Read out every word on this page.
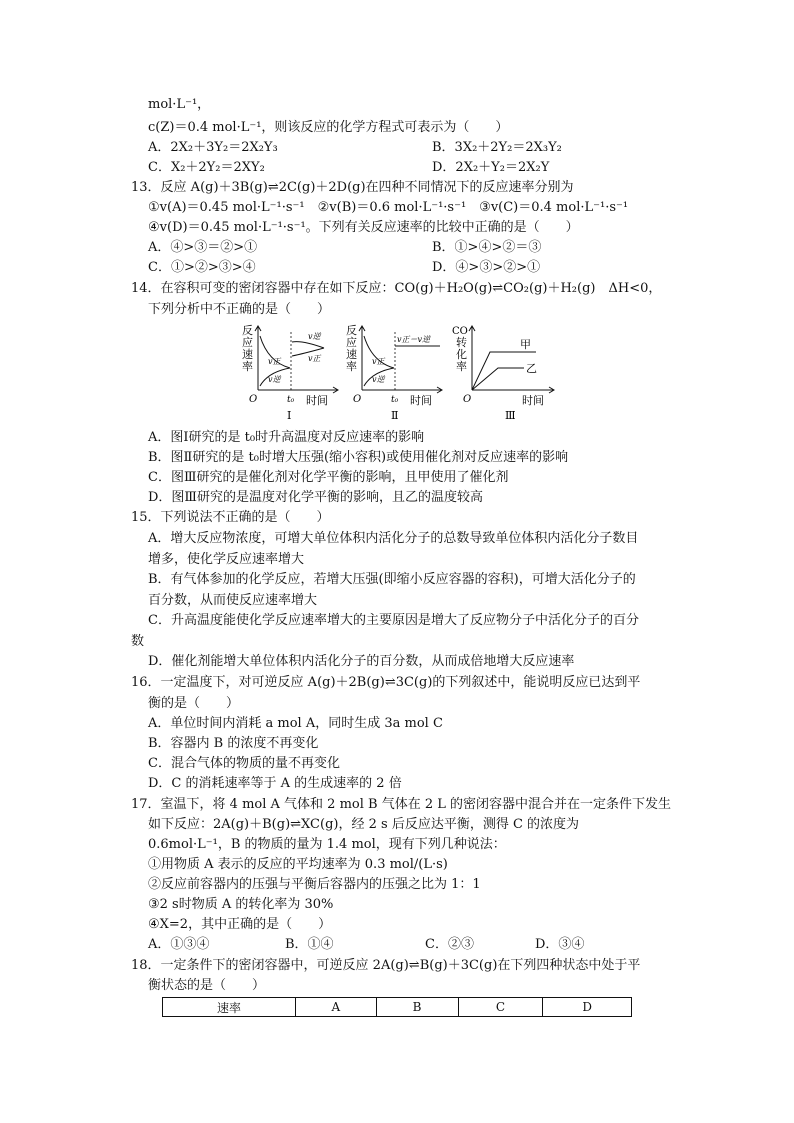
mol·L⁻¹，
c(Z)＝0.4 mol·L⁻¹，则该反应的化学方程式可表示为（　　）
A．2X₂＋3Y₂＝2X₂Y₃	B．3X₂＋2Y₂＝2X₃Y₂
C．X₂＋2Y₂＝2XY₂	D．2X₂＋Y₂＝2X₂Y
13．反应 A(g)＋3B(g)⇌2C(g)＋2D(g)在四种不同情况下的反应速率分别为
①v(A)＝0.45 mol·L⁻¹·s⁻¹　②v(B)＝0.6 mol·L⁻¹·s⁻¹　③v(C)＝0.4 mol·L⁻¹·s⁻¹
④v(D)＝0.45 mol·L⁻¹·s⁻¹。下列有关反应速率的比较中正确的是（　　）
A．④>③＝②>①	B．①>④>②＝③
C．①>②>③>④	D．④>③>②>①
14．在容积可变的密闭容器中存在如下反应：CO(g)＋H₂O(g)⇌CO₂(g)＋H₂(g)　ΔH<0，
下列分析中不正确的是（　　）
反
应
速
率
v逆
v正
v正
v逆
O	t₀ 时间
Ⅰ
反
应
速
率
v正＝v逆
v正
v逆
O	t₀ 时间
Ⅱ
CO
转
化
率
甲
乙
O	时间
Ⅲ
A．图Ⅰ研究的是 t₀时升高温度对反应速率的影响
B．图Ⅱ研究的是 t₀时增大压强(缩小容积)或使用催化剂对反应速率的影响
C．图Ⅲ研究的是催化剂对化学平衡的影响，且甲使用了催化剂
D．图Ⅲ研究的是温度对化学平衡的影响，且乙的温度较高
15．下列说法不正确的是（　　）
A．增大反应物浓度，可增大单位体积内活化分子的总数导致单位体积内活化分子数目
增多，使化学反应速率增大
B．有气体参加的化学反应，若增大压强(即缩小反应容器的容积)，可增大活化分子的
百分数，从而使反应速率增大
C．升高温度能使化学反应速率增大的主要原因是增大了反应物分子中活化分子的百分
数
D．催化剂能增大单位体积内活化分子的百分数，从而成倍地增大反应速率
16．一定温度下，对可逆反应 A(g)＋2B(g)⇌3C(g)的下列叙述中，能说明反应已达到平
衡的是（　　）
A．单位时间内消耗 a mol A，同时生成 3a mol C
B．容器内 B 的浓度不再变化
C．混合气体的物质的量不再变化
D．C 的消耗速率等于 A 的生成速率的 2 倍
17．室温下，将 4 mol A 气体和 2 mol B 气体在 2 L 的密闭容器中混合并在一定条件下发生
如下反应：2A(g)＋B(g)⇌XC(g)，经 2 s 后反应达平衡，测得 C 的浓度为
0.6mol·L⁻¹，B 的物质的量为 1.4 mol，现有下列几种说法：
①用物质 A 表示的反应的平均速率为 0.3 mol/(L·s)
②反应前容器内的压强与平衡后容器内的压强之比为 1：1
③2 s时物质 A 的转化率为 30%
④X=2，其中正确的是（　　）
A．①③④	B．①④	C．②③	D．③④
18．一定条件下的密闭容器中，可逆反应 2A(g)⇌B(g)＋3C(g)在下列四种状态中处于平
衡状态的是（　　）
速率	A	B	C	D
